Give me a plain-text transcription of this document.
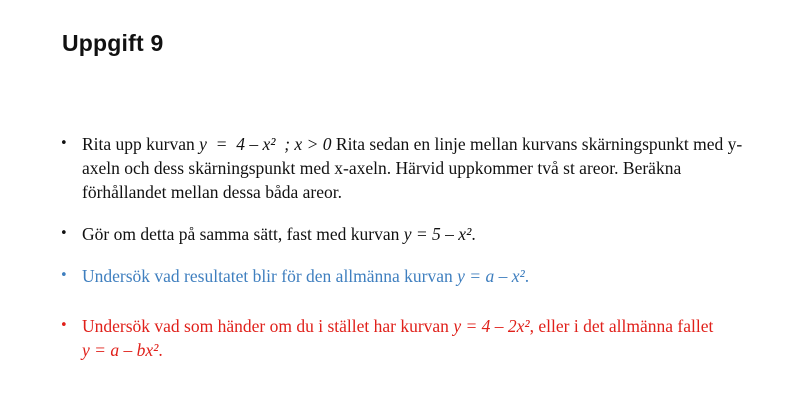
Uppgift 9
• Rita upp kurvan y  =  4 – x²  ; x > 0 Rita sedan en linje mellan kurvans skärningspunkt med y-axeln och dess skärningspunkt med x-axeln. Härvid uppkommer två st areor. Beräkna förhållandet mellan dessa båda areor.
• Gör om detta på samma sätt, fast med kurvan y = 5 – x².
• Undersök vad resultatet blir för den allmänna kurvan y = a – x².
• Undersök vad som händer om du i stället har kurvan y = 4 – 2x², eller i det allmänna fallet y = a – bx².
